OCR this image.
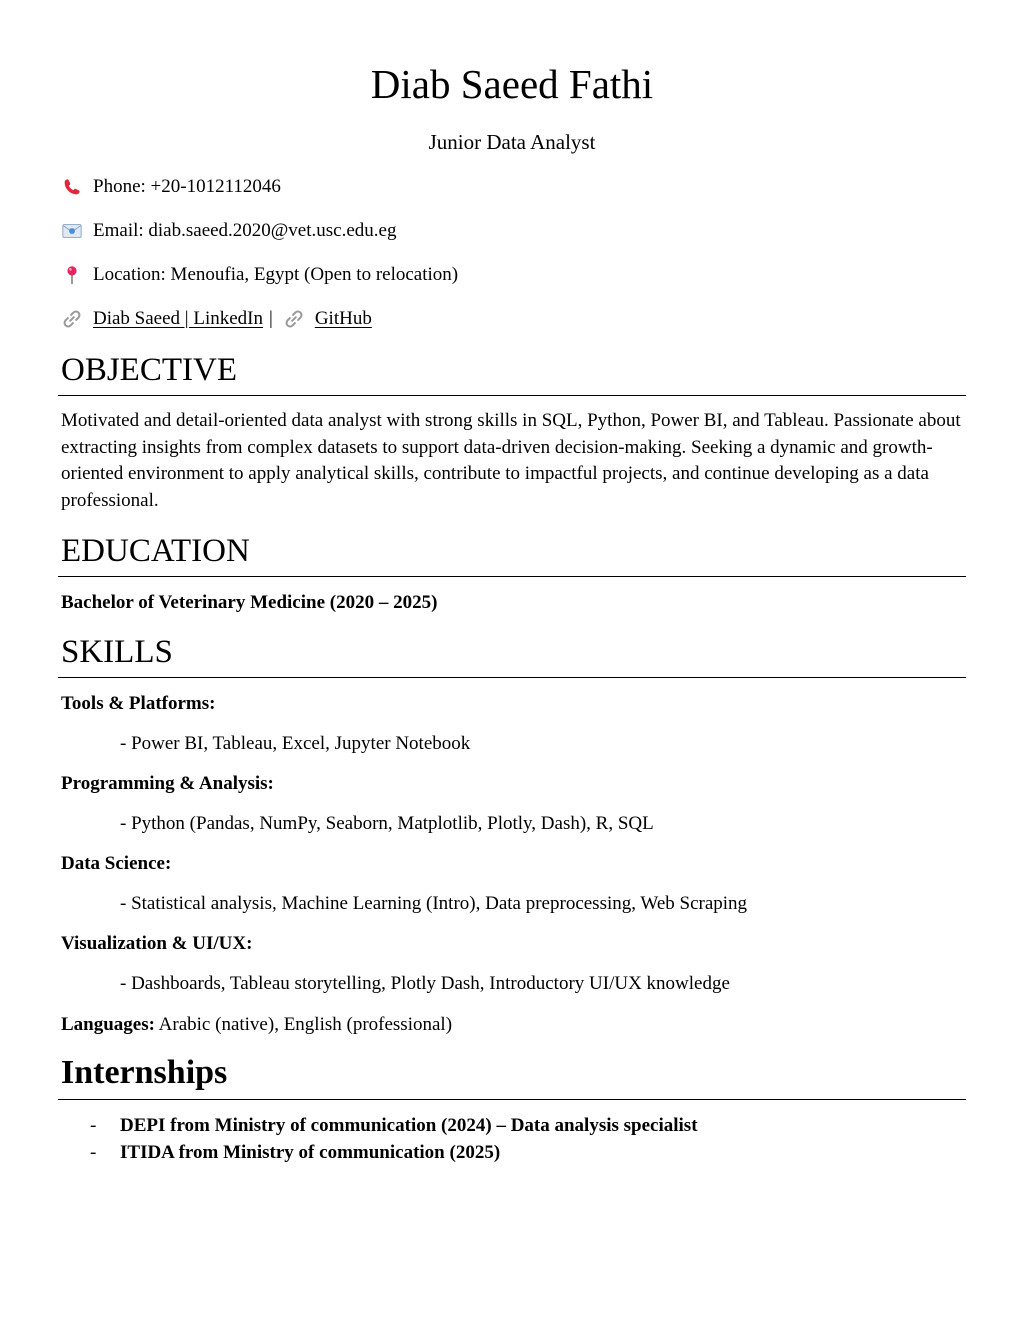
Diab Saeed Fathi
Junior Data Analyst
Phone: +20-1012112046
Email: diab.saeed.2020@vet.usc.edu.eg
Location: Menoufia, Egypt (Open to relocation)
Diab Saeed | LinkedIn | GitHub
OBJECTIVE
Motivated and detail-oriented data analyst with strong skills in SQL, Python, Power BI, and Tableau. Passionate about extracting insights from complex datasets to support data-driven decision-making. Seeking a dynamic and growth-oriented environment to apply analytical skills, contribute to impactful projects, and continue developing as a data professional.
EDUCATION
Bachelor of Veterinary Medicine (2020 – 2025)
SKILLS
Tools & Platforms:
- Power BI, Tableau, Excel, Jupyter Notebook
Programming & Analysis:
- Python (Pandas, NumPy, Seaborn, Matplotlib, Plotly, Dash), R, SQL
Data Science:
- Statistical analysis, Machine Learning (Intro), Data preprocessing, Web Scraping
Visualization & UI/UX:
- Dashboards, Tableau storytelling, Plotly Dash, Introductory UI/UX knowledge
Languages: Arabic (native), English (professional)
Internships
- DEPI from Ministry of communication (2024) – Data analysis specialist
- ITIDA from Ministry of communication (2025)
